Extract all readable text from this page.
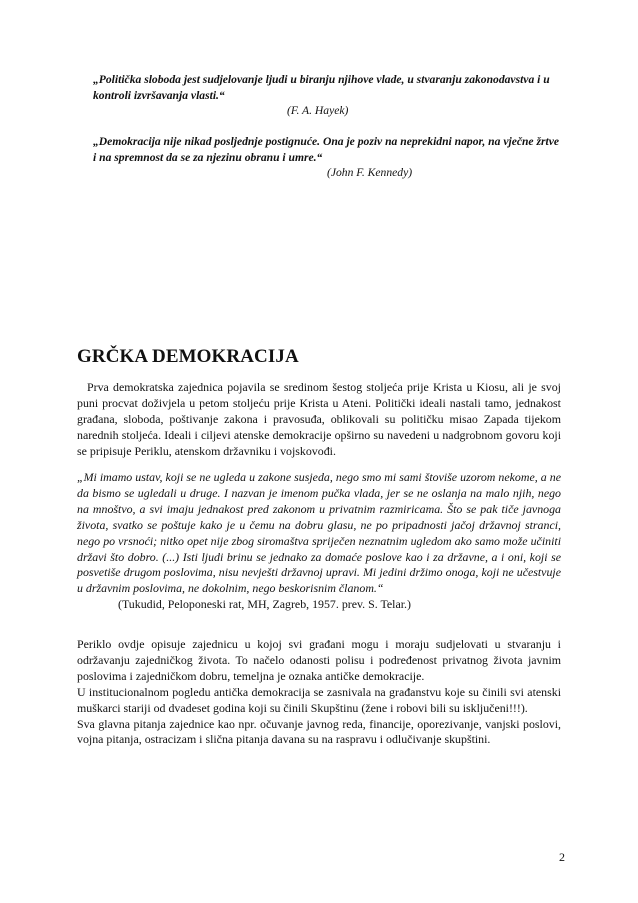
„Politička sloboda jest sudjelovanje ljudi u biranju njihove vlade, u stvaranju zakonodavstva i u kontroli izvršavanja vlasti.“

(F. A. Hayek)

„Demokracija nije nikad posljednje postignuće. Ona je poziv na neprekidni napor, na vječne žrtve i na spremnost da se za njezinu obranu i umre.“

(John F. Kennedy)

GRČKA DEMOKRACIJA

Prva demokratska zajednica pojavila se sredinom šestog stoljeća prije Krista u Kiosu, ali je svoj puni procvat doživjela u petom stoljeću prije Krista u Ateni. Politički ideali nastali tamo, jednakost građana, sloboda, poštivanje zakona i pravosuđa, oblikovali su političku misao Zapada tijekom narednih stoljeća. Ideali i ciljevi atenske demokracije opširno su navedeni u nadgrobnom govoru koji se pripisuje Periklu, atenskom državniku i vojskovođi.

„Mi imamo ustav, koji se ne ugleda u zakone susjeda, nego smo mi sami štoviše uzorom nekome, a ne da bismo se ugledali u druge. I nazvan je imenom pučka vlada, jer se ne oslanja na malo njih, nego na mnoštvo, a svi imaju jednakost pred zakonom u privatnim razmiricama. Što se pak tiče javnoga života, svatko se poštuje kako je u čemu na dobru glasu, ne po pripadnosti jačoj državnoj stranci, nego po vrsnoći; nitko opet nije zbog siromaštva spriječen neznatnim ugledom ako samo može učiniti državi što dobro. (...) Isti ljudi brinu se jednako za domaće poslove kao i za državne, a i oni, koji se posvetiše drugom poslovima, nisu nevješti državnoj upravi. Mi jedini držimo onoga, koji ne učestvuje u državnim poslovima, ne dokolnim, nego beskorisnim članom.“

(Tukudid, Peloponeski rat, MH, Zagreb, 1957. prev. S. Telar.)

Periklo ovdje opisuje zajednicu u kojoj svi građani mogu i moraju sudjelovati u stvaranju i održavanju zajedničkog života. To načelo odanosti polisu i podređenost privatnog života javnim poslovima i zajedničkom dobru, temeljna je oznaka antičke demokracije.

U institucionalnom pogledu antička demokracija se zasnivala na građanstvu koje su činili svi atenski muškarci stariji od dvadeset godina koji su činili Skupštinu (žene i robovi bili su isključeni!!!).

Sva glavna pitanja zajednice kao npr. očuvanje javnog reda, financije, oporezivanje, vanjski poslovi, vojna pitanja, ostracizam i slična pitanja davana su na raspravu i odlučivanje skupštini.

2
